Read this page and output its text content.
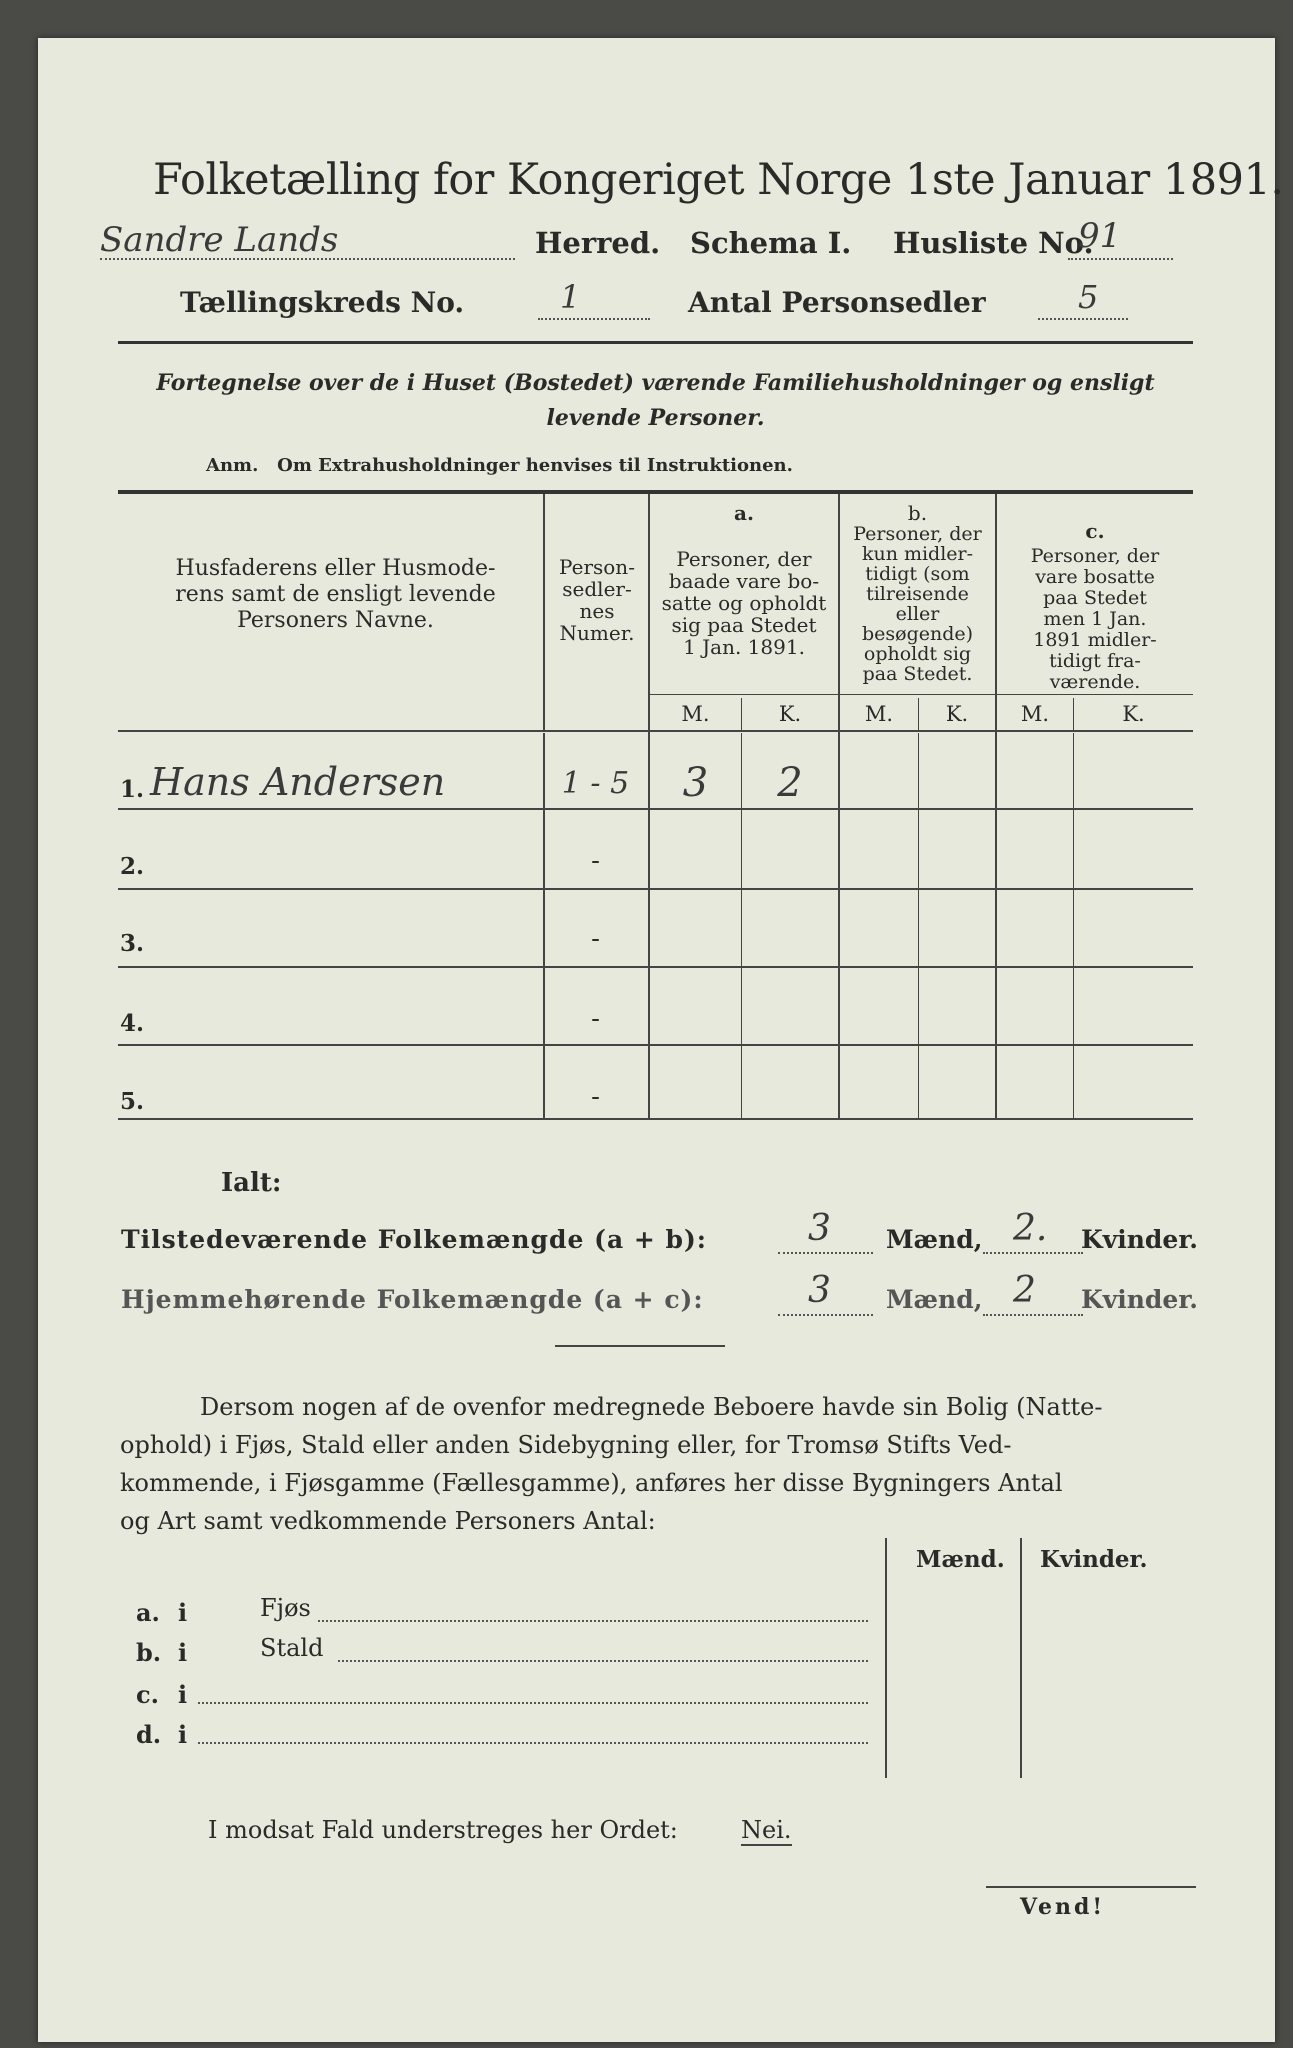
Folketælling for Kongeriget Norge 1ste Januar 1891.
Sandre Lands	Herred. Schema I. Husliste No.
91
Tællingskreds No.	1	Antal Personsedler	5
Fortegnelse over de i Huset (Bostedet) værende Familiehusholdninger og ensligt
levende Personer.
Anm.   Om Extrahusholdninger henvises til Instruktionen.
Husfaderens eller Husmode-
rens samt de ensligt levende
Personers Navne.
Person-
sedler-
nes
Numer.
a.
Personer, der
baade vare bo-
satte og opholdt
sig paa Stedet
1 Jan. 1891.
b.
Personer, der
kun midler-
tidigt (som
tilreisende
eller
besøgende)
opholdt sig
paa Stedet.
c.
Personer, der
vare bosatte
paa Stedet
men 1 Jan.
1891 midler-
tidigt fra-
værende.
M.	K.	M.	K.	M.	K.
1. Hans Andersen	1 - 5	3	2
2.	-
3.	-
4.	-
5.	-
Ialt:
Tilstedeværende Folkemængde (a + b):	3 Mænd, 2. Kvinder.
Hjemmehørende Folkemængde (a + c):	3 Mænd, 2 Kvinder.
Dersom nogen af de ovenfor medregnede Beboere havde sin Bolig (Natte-
ophold) i Fjøs, Stald eller anden Sidebygning eller, for Tromsø Stifts Ved-
kommende, i Fjøsgamme (Fællesgamme), anføres her disse Bygningers Antal
og Art samt vedkommende Personers Antal:
Mænd. Kvinder.
a. i	Fjøs
b. i	Stald
c. i
d. i
I modsat Fald understreges her Ordet:	Nei.
Vend!
